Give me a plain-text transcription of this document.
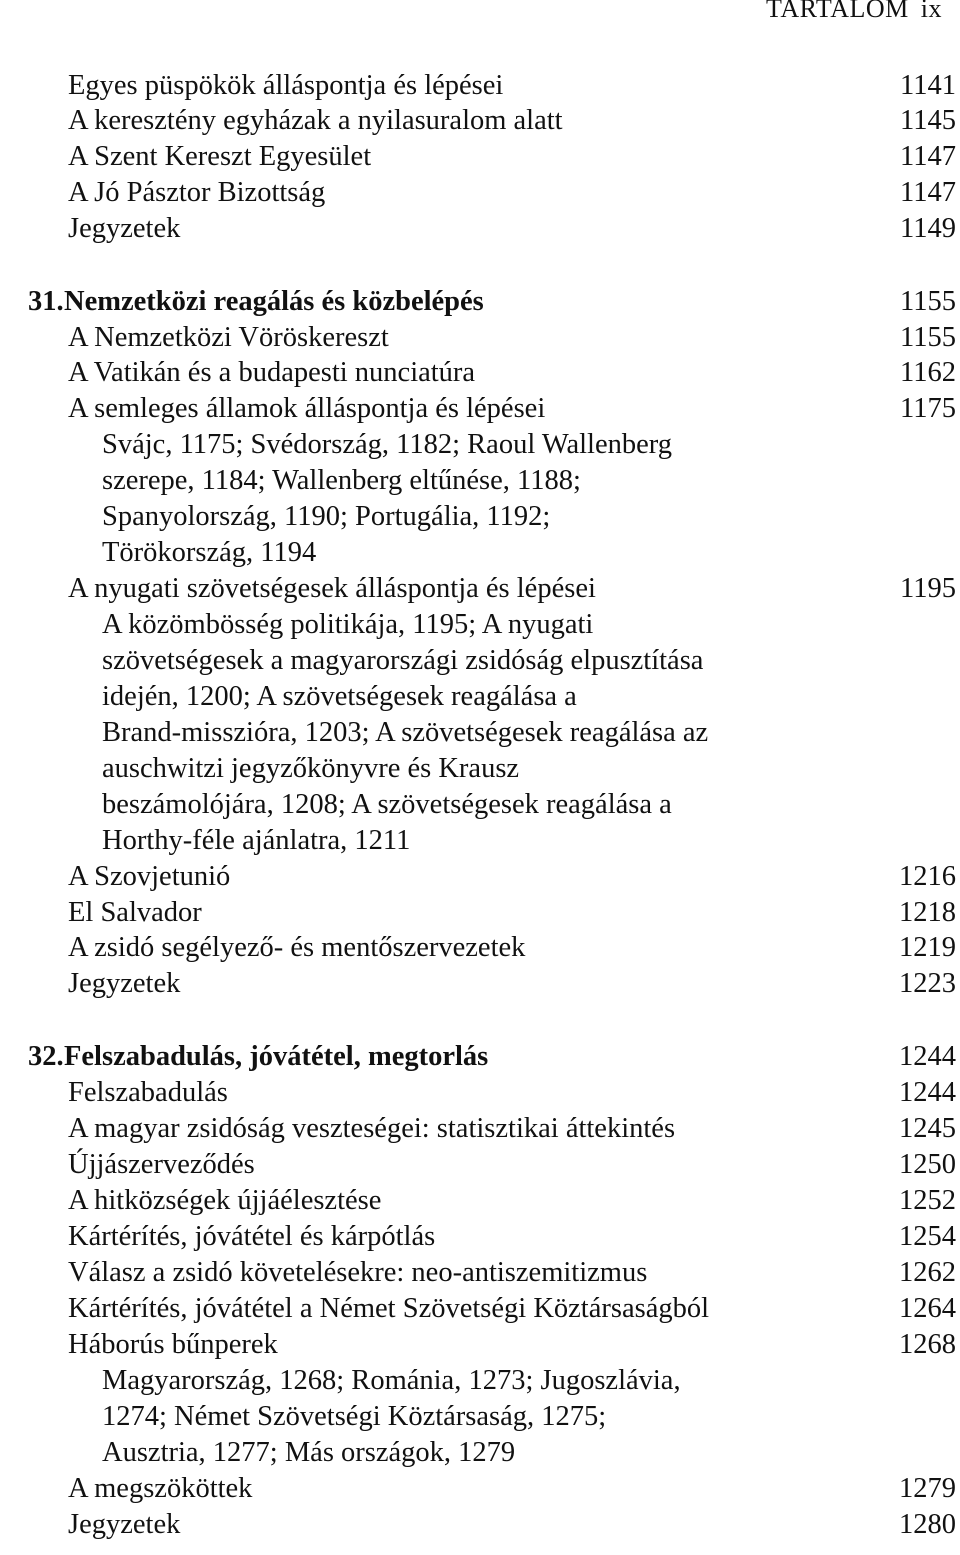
TARTALOM ix
Egyes püspökök álláspontja és lépései	1141
A keresztény egyházak a nyilasuralom alatt	1145
A Szent Kereszt Egyesület	1147
A Jó Pásztor Bizottság	1147
Jegyzetek	1149
31. Nemzetközi reagálás és közbelépés	1155
A Nemzetközi Vöröskereszt	1155
A Vatikán és a budapesti nunciatúra	1162
A semleges államok álláspontja és lépései	1175
Svájc, 1175; Svédország, 1182; Raoul Wallenberg
szerepe, 1184; Wallenberg eltűnése, 1188;
Spanyolország, 1190; Portugália, 1192;
Törökország, 1194
A nyugati szövetségesek álláspontja és lépései	1195
A közömbösség politikája, 1195; A nyugati
szövetségesek a magyarországi zsidóság elpusztítása
idején, 1200; A szövetségesek reagálása a
Brand-misszióra, 1203; A szövetségesek reagálása az
auschwitzi jegyzőkönyvre és Krausz
beszámolójára, 1208; A szövetségesek reagálása a
Horthy-féle ajánlatra, 1211
A Szovjetunió	1216
El Salvador	1218
A zsidó segélyező- és mentőszervezetek	1219
Jegyzetek	1223
32. Felszabadulás, jóvátétel, megtorlás	1244
Felszabadulás	1244
A magyar zsidóság veszteségei: statisztikai áttekintés	1245
Újjászerveződés	1250
A hitközségek újjáélesztése	1252
Kártérítés, jóvátétel és kárpótlás	1254
Válasz a zsidó követelésekre: neo-antiszemitizmus	1262
Kártérítés, jóvátétel a Német Szövetségi Köztársaságból	1264
Háborús bűnperek	1268
Magyarország, 1268; Románia, 1273; Jugoszlávia,
1274; Német Szövetségi Köztársaság, 1275;
Ausztria, 1277; Más országok, 1279
A megszököttek	1279
Jegyzetek	1280
